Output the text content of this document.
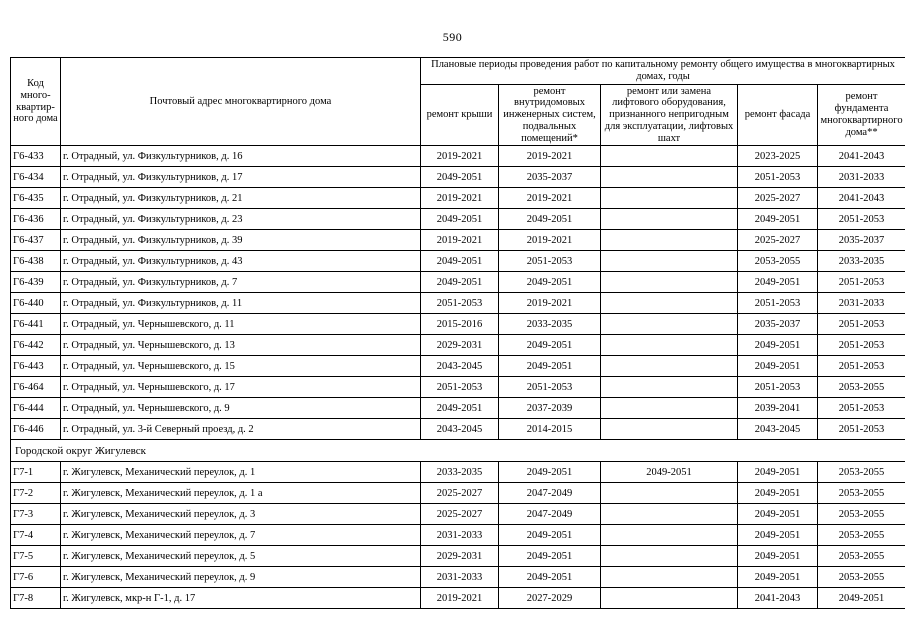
590
Код много-квартир-ного дома	Почтовый адрес многоквартирного дома	Плановые периоды проведения работ по капитальному ремонту общего имущества в многоквартирных домах, годы				
		ремонт крыши	ремонт внутридомовых инженерных систем, подвальных помещений*	ремонт или замена лифтового оборудования, признанного непригодным для эксплуатации, лифтовых шахт	ремонт фасада	ремонт фундамента многоквартирного дома**
Г6-433	г. Отрадный, ул. Физкультурников, д. 16	2019-2021	2019-2021		2023-2025	2041-2043
Г6-434	г. Отрадный, ул. Физкультурников, д. 17	2049-2051	2035-2037		2051-2053	2031-2033
Г6-435	г. Отрадный, ул. Физкультурников, д. 21	2019-2021	2019-2021		2025-2027	2041-2043
Г6-436	г. Отрадный, ул. Физкультурников, д. 23	2049-2051	2049-2051		2049-2051	2051-2053
Г6-437	г. Отрадный, ул. Физкультурников, д. 39	2019-2021	2019-2021		2025-2027	2035-2037
Г6-438	г. Отрадный, ул. Физкультурников, д. 43	2049-2051	2051-2053		2053-2055	2033-2035
Г6-439	г. Отрадный, ул. Физкультурников, д. 7	2049-2051	2049-2051		2049-2051	2051-2053
Г6-440	г. Отрадный, ул. Физкультурников, д. 11	2051-2053	2019-2021		2051-2053	2031-2033
Г6-441	г. Отрадный, ул. Чернышевского, д. 11	2015-2016	2033-2035		2035-2037	2051-2053
Г6-442	г. Отрадный, ул. Чернышевского, д. 13	2029-2031	2049-2051		2049-2051	2051-2053
Г6-443	г. Отрадный, ул. Чернышевского, д. 15	2043-2045	2049-2051		2049-2051	2051-2053
Г6-464	г. Отрадный, ул. Чернышевского, д. 17	2051-2053	2051-2053		2051-2053	2053-2055
Г6-444	г. Отрадный, ул. Чернышевского, д. 9	2049-2051	2037-2039		2039-2041	2051-2053
Г6-446	г. Отрадный, ул. 3-й Северный проезд, д. 2	2043-2045	2014-2015		2043-2045	2051-2053
Городской округ Жигулевск						
Г7-1	г. Жигулевск, Механический переулок, д. 1	2033-2035	2049-2051	2049-2051	2049-2051	2053-2055
Г7-2	г. Жигулевск, Механический переулок, д. 1 а	2025-2027	2047-2049		2049-2051	2053-2055
Г7-3	г. Жигулевск, Механический переулок, д. 3	2025-2027	2047-2049		2049-2051	2053-2055
Г7-4	г. Жигулевск, Механический переулок, д. 7	2031-2033	2049-2051		2049-2051	2053-2055
Г7-5	г. Жигулевск, Механический переулок, д. 5	2029-2031	2049-2051		2049-2051	2053-2055
Г7-6	г. Жигулевск, Механический переулок, д. 9	2031-2033	2049-2051		2049-2051	2053-2055
Г7-8	г. Жигулевск, мкр-н Г-1, д. 17	2019-2021	2027-2029		2041-2043	2049-2051
